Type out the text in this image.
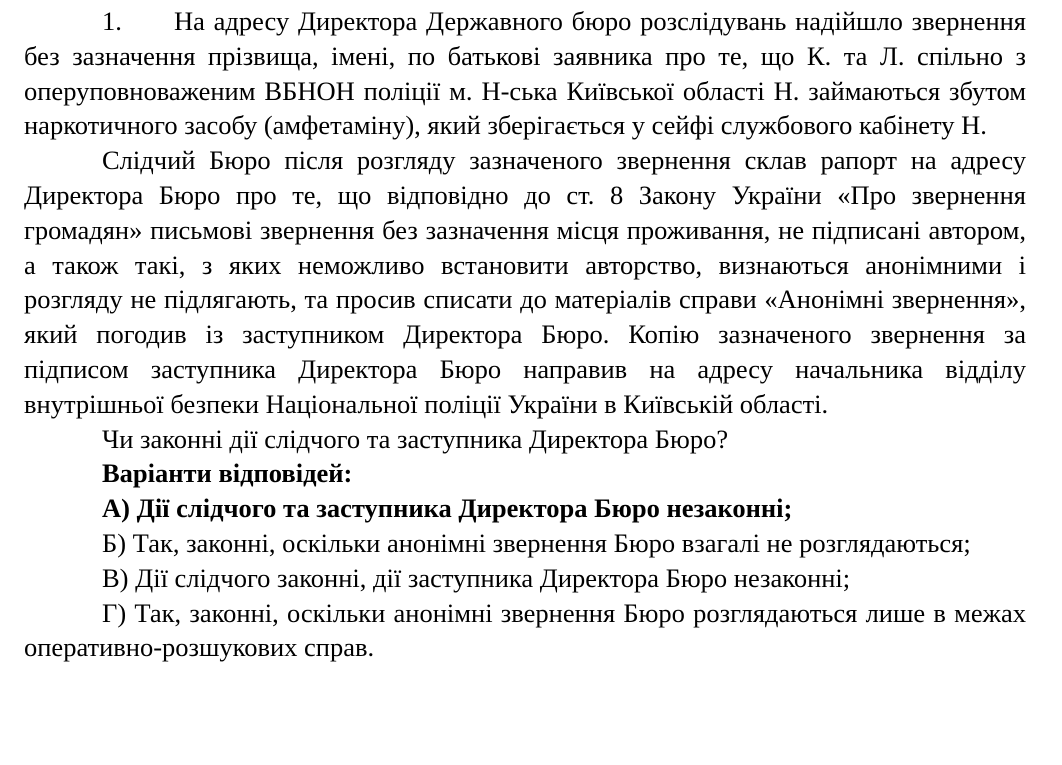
1. На адресу Директора Державного бюро розслідувань надійшло звернення без зазначення прізвища, імені, по батькові заявника про те, що К. та Л. спільно з оперуповноваженим ВБНОН поліції м. Н-ська Київської області Н. займаються збутом наркотичного засобу (амфетаміну), який зберігається у сейфі службового кабінету Н.

Слідчий Бюро після розгляду зазначеного звернення склав рапорт на адресу Директора Бюро про те, що відповідно до ст. 8 Закону України «Про звернення громадян» письмові звернення без зазначення місця проживання, не підписані автором, а також такі, з яких неможливо встановити авторство, визнаються анонімними і розгляду не підлягають, та просив списати до матеріалів справи «Анонімні звернення», який погодив із заступником Директора Бюро. Копію зазначеного звернення за підписом заступника Директора Бюро направив на адресу начальника відділу внутрішньої безпеки Національної поліції України в Київській області.

Чи законні дії слідчого та заступника Директора Бюро?

Варіанти відповідей:

А) Дії слідчого та заступника Директора Бюро незаконні;

Б) Так, законні, оскільки анонімні звернення Бюро взагалі не розглядаються;

В) Дії слідчого законні, дії заступника Директора Бюро незаконні;

Г) Так, законні, оскільки анонімні звернення Бюро розглядаються лише в межах оперативно-розшукових справ.
